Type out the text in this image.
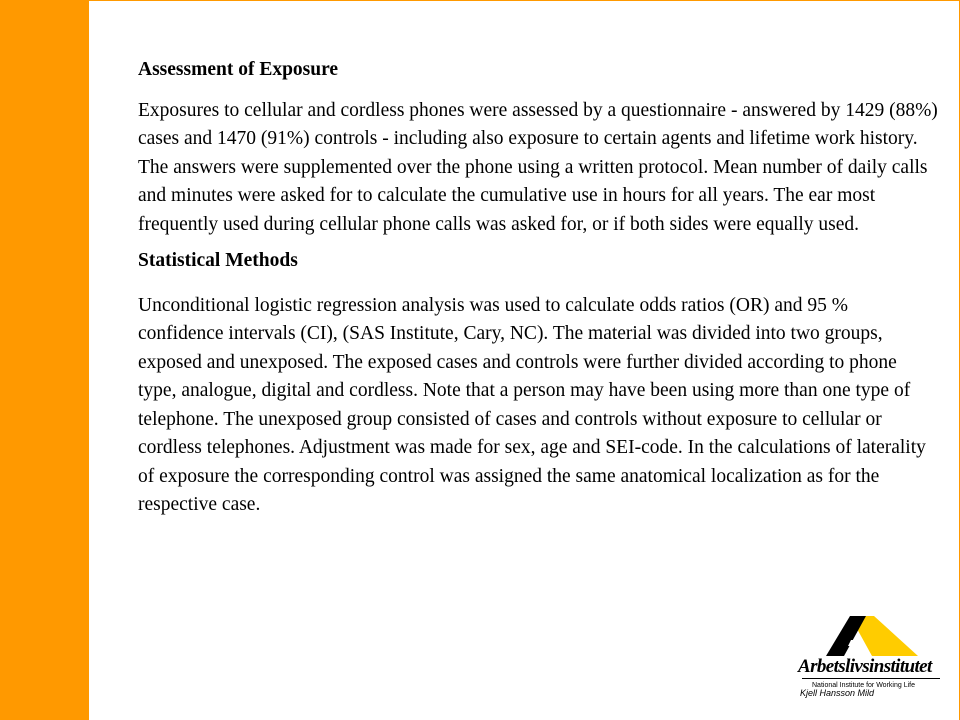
Assessment of Exposure
Exposures to cellular and cordless phones were assessed by a questionnaire - answered by 1429 (88%) cases and 1470 (91%) controls - including also exposure to certain agents and lifetime work history. The answers were supplemented over the phone using a written protocol. Mean number of daily calls and minutes were asked for to calculate the cumulative use in hours for all years. The ear most frequently used during cellular phone calls was asked for, or if both sides were equally used.
Statistical Methods
Unconditional logistic regression analysis was used to calculate odds ratios (OR) and 95 % confidence intervals (CI), (SAS Institute, Cary, NC). The material was divided into two groups, exposed and unexposed. The exposed cases and controls were further divided according to phone type, analogue, digital and cordless. Note that a person may have been using more than one type of telephone. The unexposed group consisted of cases and controls without exposure to cellular or cordless telephones. Adjustment was made for sex, age and SEI-code. In the calculations of laterality of exposure the corresponding control was assigned the same anatomical localization as for the respective case.
Arbetslivsinstitutet
National Institute for Working Life
Kjell Hansson Mild
